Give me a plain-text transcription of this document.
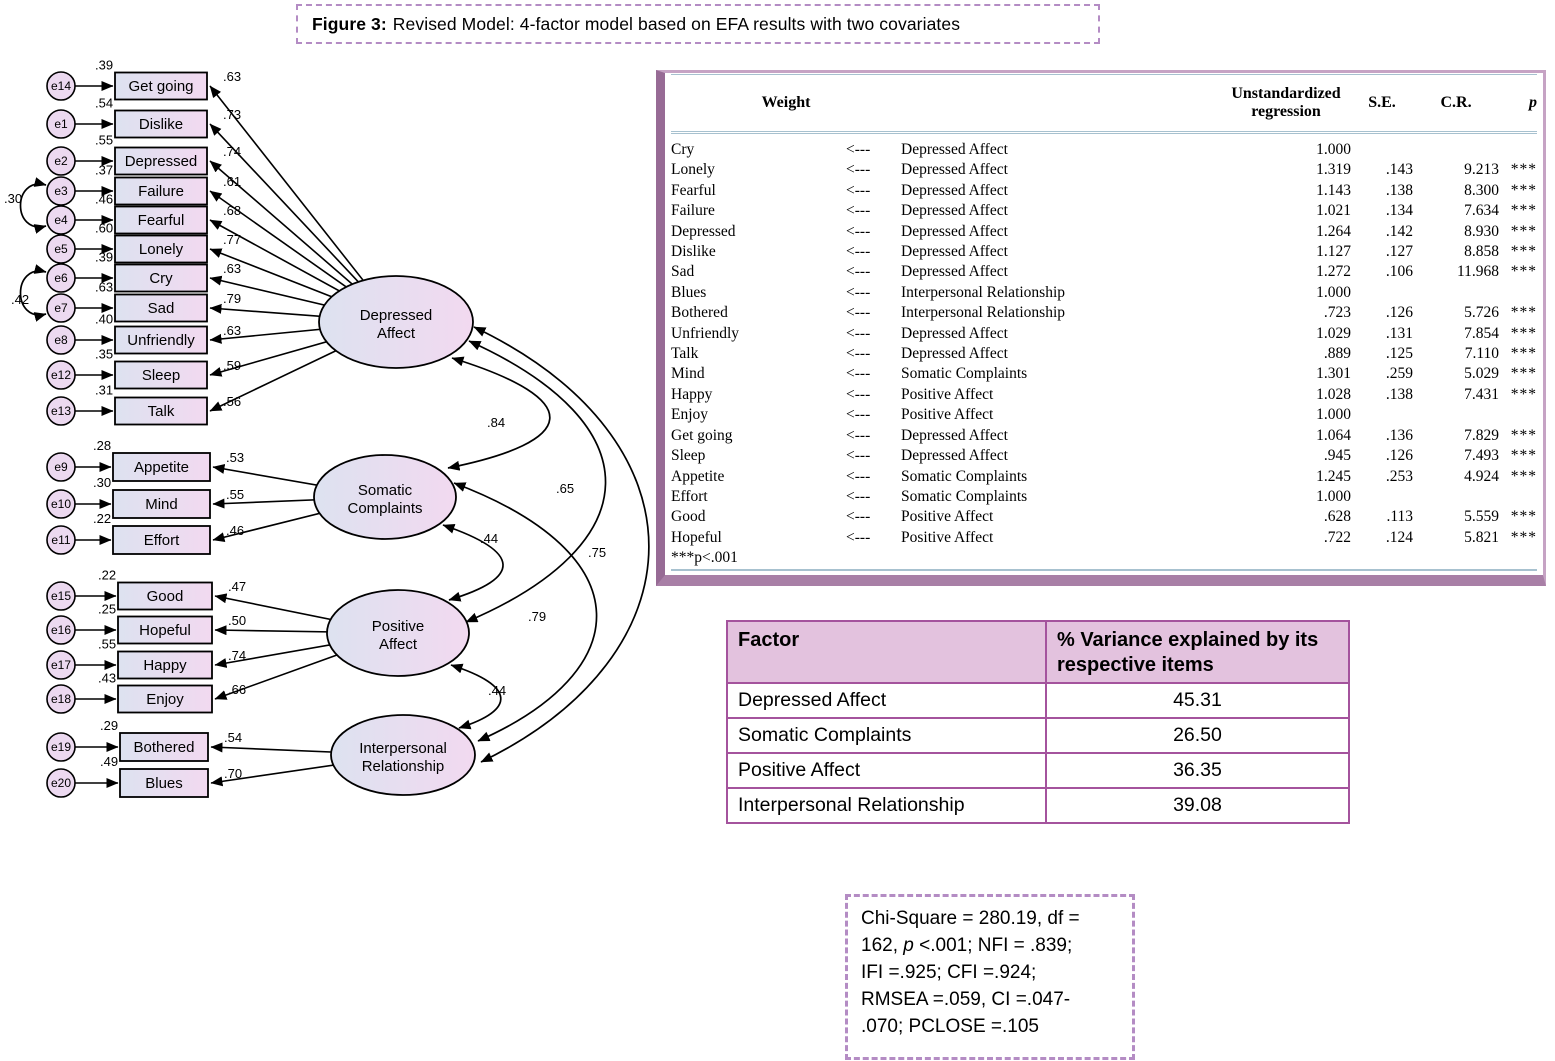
Figure 3: Revised Model: 4-factor model based on EFA results with two covariates
Depressed
Affect
Somatic
Complaints
Positive
Affect
Interpersonal
Relationship
.30
.42
.84
.44
.44
.65
.79
.75
Get going
.39
.63
e14
Dislike
.54
.73
e1
Depressed
.55
.74
e2
Failure
.37
.61
e3
Fearful
.46
.68
e4
Lonely
.60
.77
e5
Cry
.39
.63
e6
Sad
.63
.79
e7
Unfriendly
.40
.63
e8
Sleep
.35
.59
e12
Talk
.31
.56
e13
Appetite
.28
.53
e9
Mind
.30
.55
e10
Effort
.22
.46
e11
Good
.22
.47
e15
Hopeful
.25
.50
e16
Happy
.55
.74
e17
Enjoy
.43
.66
e18
Bothered
.29
.54
e19
Blues
.49
.70
e20
Weight			Unstandardized regression	S.E.	C.R.	p
Cry	<---	Depressed Affect	1.000			
Lonely	<---	Depressed Affect	1.319	.143	9.213	***
Fearful	<---	Depressed Affect	1.143	.138	8.300	***
Failure	<---	Depressed Affect	1.021	.134	7.634	***
Depressed	<---	Depressed Affect	1.264	.142	8.930	***
Dislike	<---	Depressed Affect	1.127	.127	8.858	***
Sad	<---	Depressed Affect	1.272	.106	11.968	***
Blues	<---	Interpersonal Relationship	1.000			
Bothered	<---	Interpersonal Relationship	.723	.126	5.726	***
Unfriendly	<---	Depressed Affect	1.029	.131	7.854	***
Talk	<---	Depressed Affect	.889	.125	7.110	***
Mind	<---	Somatic Complaints	1.301	.259	5.029	***
Happy	<---	Positive Affect	1.028	.138	7.431	***
Enjoy	<---	Positive Affect	1.000			
Get going	<---	Depressed Affect	1.064	.136	7.829	***
Sleep	<---	Depressed Affect	.945	.126	7.493	***
Appetite	<---	Somatic Complaints	1.245	.253	4.924	***
Effort	<---	Somatic Complaints	1.000			
Good	<---	Positive Affect	.628	.113	5.559	***
Hopeful	<---	Positive Affect	.722	.124	5.821	***
***p<.001						
Factor	% Variance explained by its respective items
Depressed Affect	45.31
Somatic Complaints	26.50
Positive Affect	36.35
Interpersonal Relationship	39.08
Chi-Square = 280.19, df =
162, p <.001; NFI = .839;
IFI =.925; CFI =.924;
RMSEA =.059, CI =.047-
.070; PCLOSE =.105
